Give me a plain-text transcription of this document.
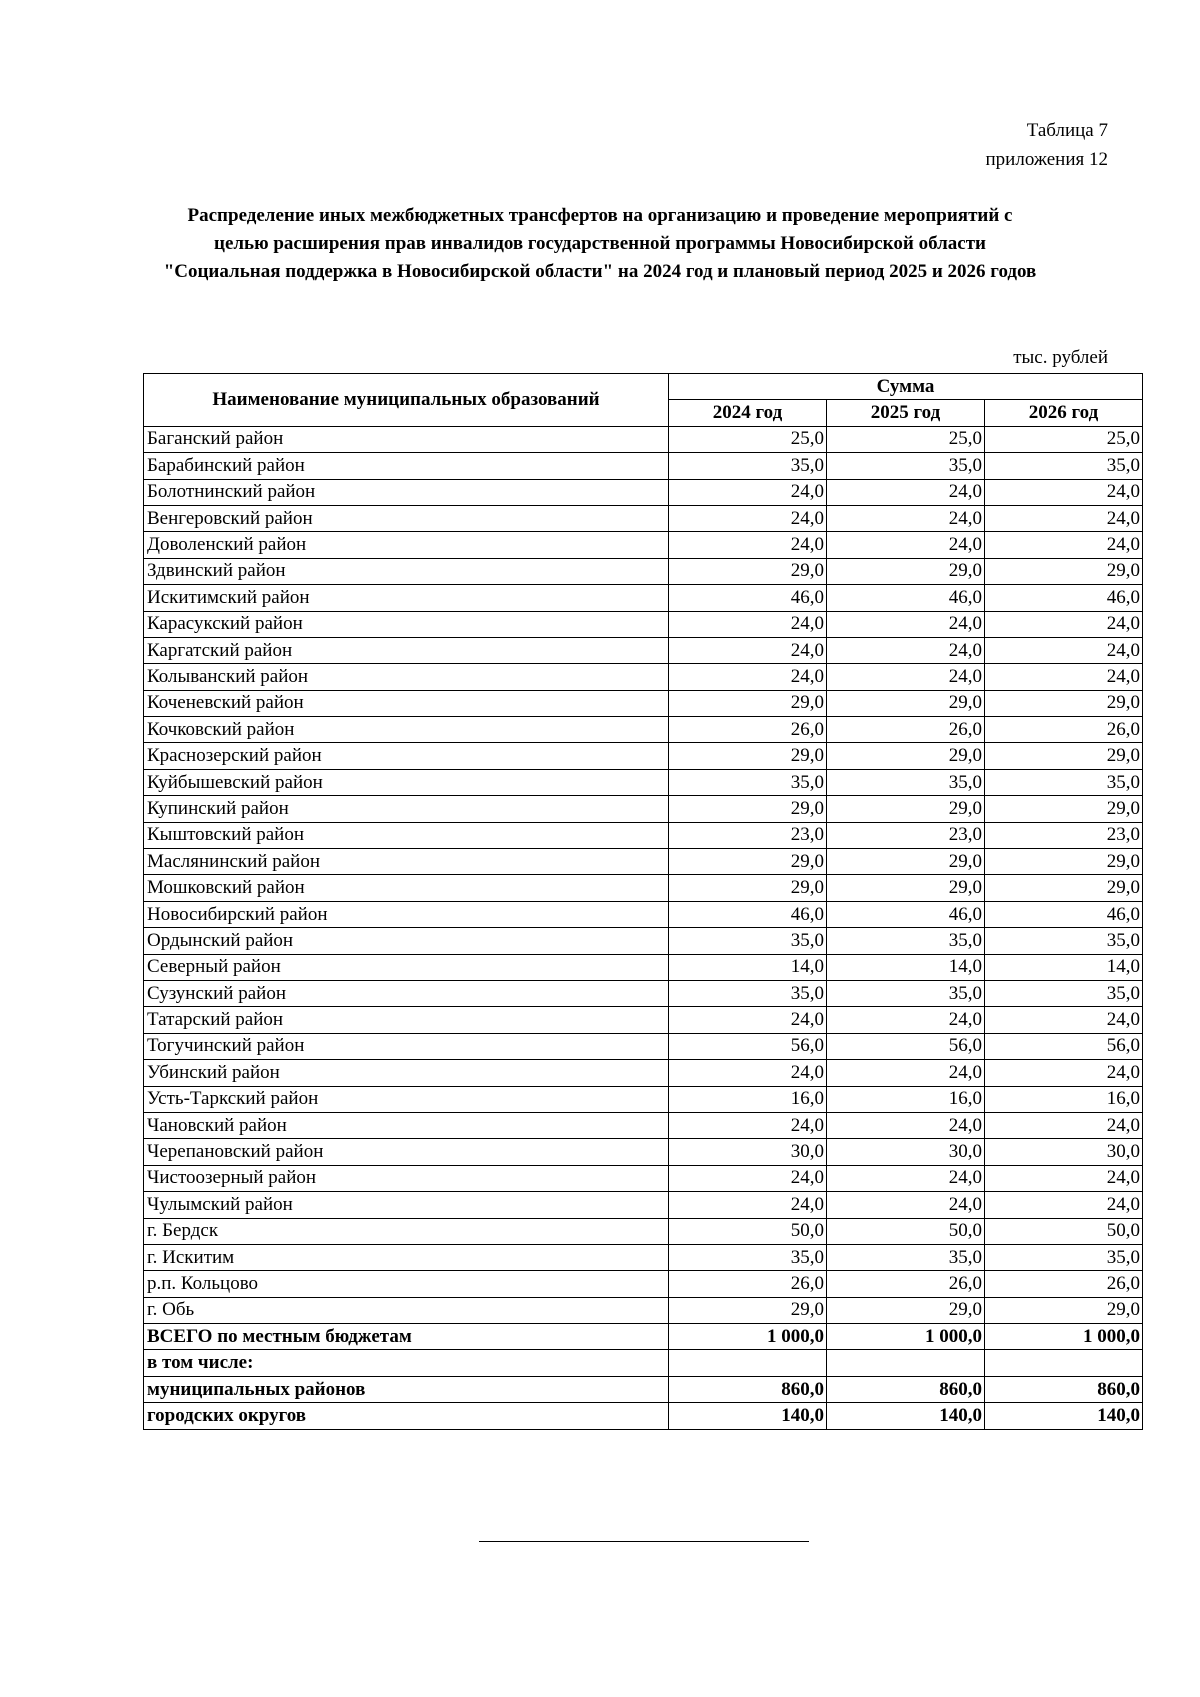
Таблица 7
приложения 12
Распределение иных межбюджетных трансфертов на организацию и проведение мероприятий с
целью расширения прав инвалидов государственной программы Новосибирской области
"Социальная поддержка в Новосибирской области" на 2024 год и плановый период 2025 и 2026 годов
тыс. рублей
Наименование муниципальных образований	Сумма		
	2024 год	2025 год	2026 год
Баганский район	25,0	25,0	25,0
Барабинский район	35,0	35,0	35,0
Болотнинский район	24,0	24,0	24,0
Венгеровский район	24,0	24,0	24,0
Доволенский район	24,0	24,0	24,0
Здвинский район	29,0	29,0	29,0
Искитимский район	46,0	46,0	46,0
Карасукский район	24,0	24,0	24,0
Каргатский район	24,0	24,0	24,0
Колыванский район	24,0	24,0	24,0
Коченевский район	29,0	29,0	29,0
Кочковский район	26,0	26,0	26,0
Краснозерский район	29,0	29,0	29,0
Куйбышевский район	35,0	35,0	35,0
Купинский район	29,0	29,0	29,0
Кыштовский район	23,0	23,0	23,0
Маслянинский район	29,0	29,0	29,0
Мошковский район	29,0	29,0	29,0
Новосибирский район	46,0	46,0	46,0
Ордынский район	35,0	35,0	35,0
Северный район	14,0	14,0	14,0
Сузунский район	35,0	35,0	35,0
Татарский район	24,0	24,0	24,0
Тогучинский район	56,0	56,0	56,0
Убинский район	24,0	24,0	24,0
Усть-Таркский район	16,0	16,0	16,0
Чановский район	24,0	24,0	24,0
Черепановский район	30,0	30,0	30,0
Чистоозерный район	24,0	24,0	24,0
Чулымский район	24,0	24,0	24,0
г. Бердск	50,0	50,0	50,0
г. Искитим	35,0	35,0	35,0
р.п. Кольцово	26,0	26,0	26,0
г. Обь	29,0	29,0	29,0
ВСЕГО по местным бюджетам	1 000,0	1 000,0	1 000,0
в том числе:			
муниципальных районов	860,0	860,0	860,0
городских округов	140,0	140,0	140,0
